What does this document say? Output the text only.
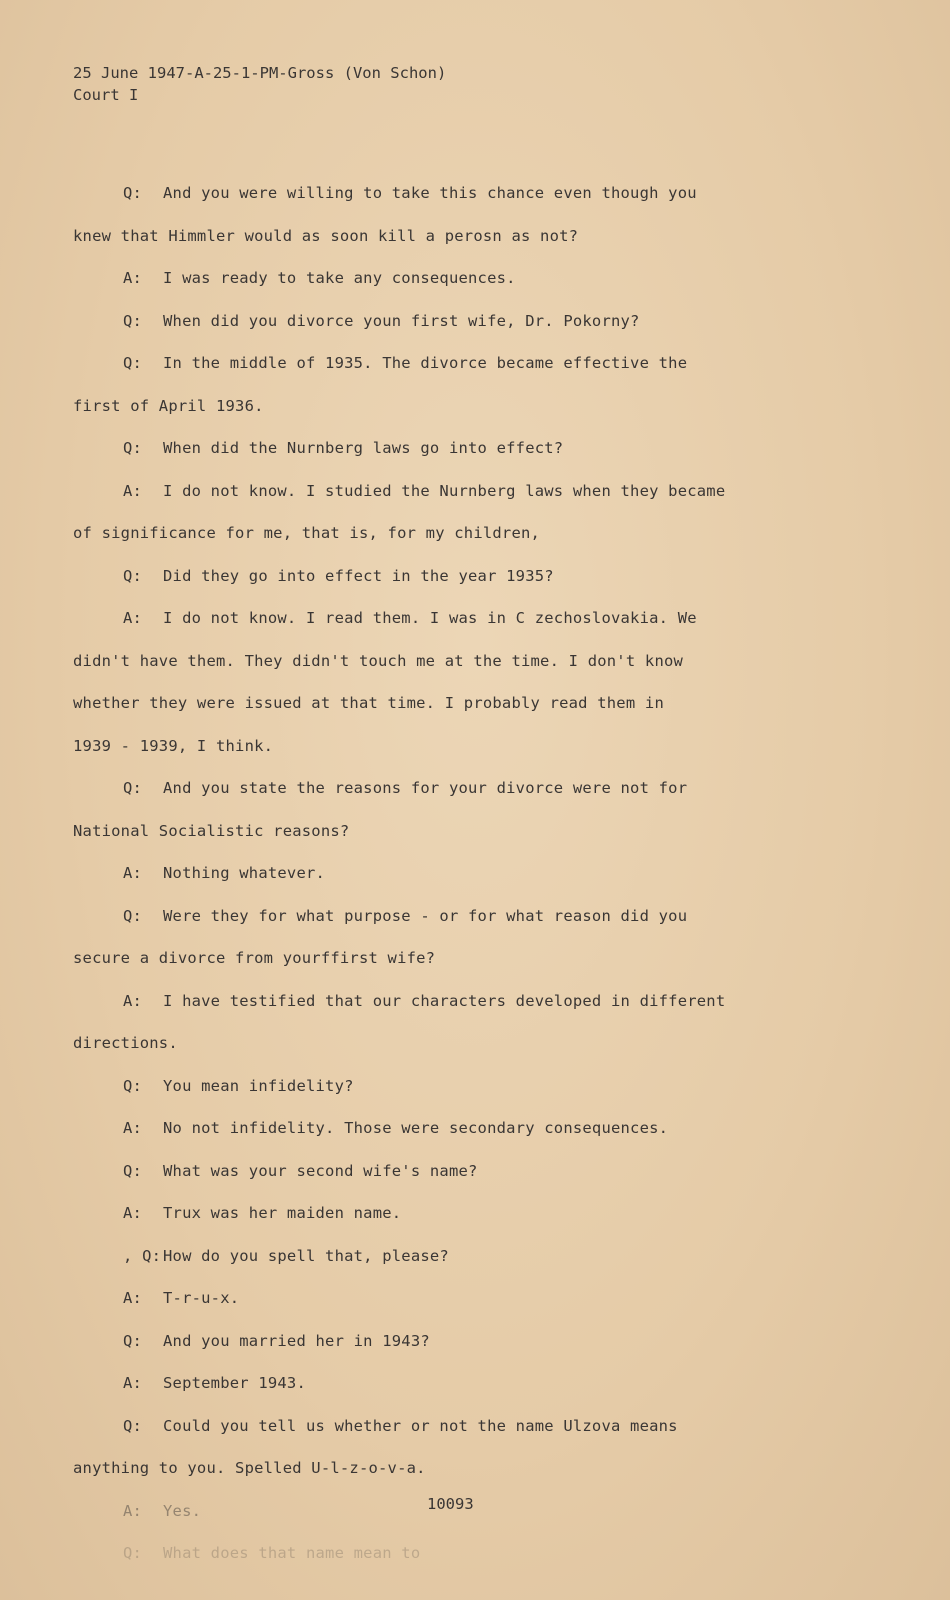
25 June 1947-A-25-1-PM-Gross (Von Schon)
Court I
Q: And you were willing to take this chance even though you
knew that Himmler would as soon kill a perosn as not?
A: I was ready to take any consequences.
Q: When did you divorce youn first wife, Dr. Pokorny?
Q: In the middle of 1935. The divorce became effective the
first of April 1936.
Q: When did the Nurnberg laws go into effect?
A: I do not know. I studied the Nurnberg laws when they became
of significance for me, that is, for my children,
Q: Did they go into effect in the year 1935?
A: I do not know. I read them. I was in C zechoslovakia. We
didn't have them. They didn't touch me at the time. I don't know
whether they were issued at that time. I probably read them in
1939 - 1939, I think.
Q: And you state the reasons for your divorce were not for
National Socialistic reasons?
A: Nothing whatever.
Q: Were they for what purpose - or for what reason did you
secure a divorce from yourffirst wife?
A: I have testified that our characters developed in different
directions.
Q: You mean infidelity?
A: No not infidelity. Those were secondary consequences.
Q: What was your second wife's name?
A: Trux was her maiden name.
, Q: How do you spell that, please?
A: T-r-u-x.
Q: And you married her in 1943?
A: September 1943.
Q: Could you tell us whether or not the name Ulzova means
anything to you. Spelled U-l-z-o-v-a.
A: Yes.
Q: What does that name mean to
10093
